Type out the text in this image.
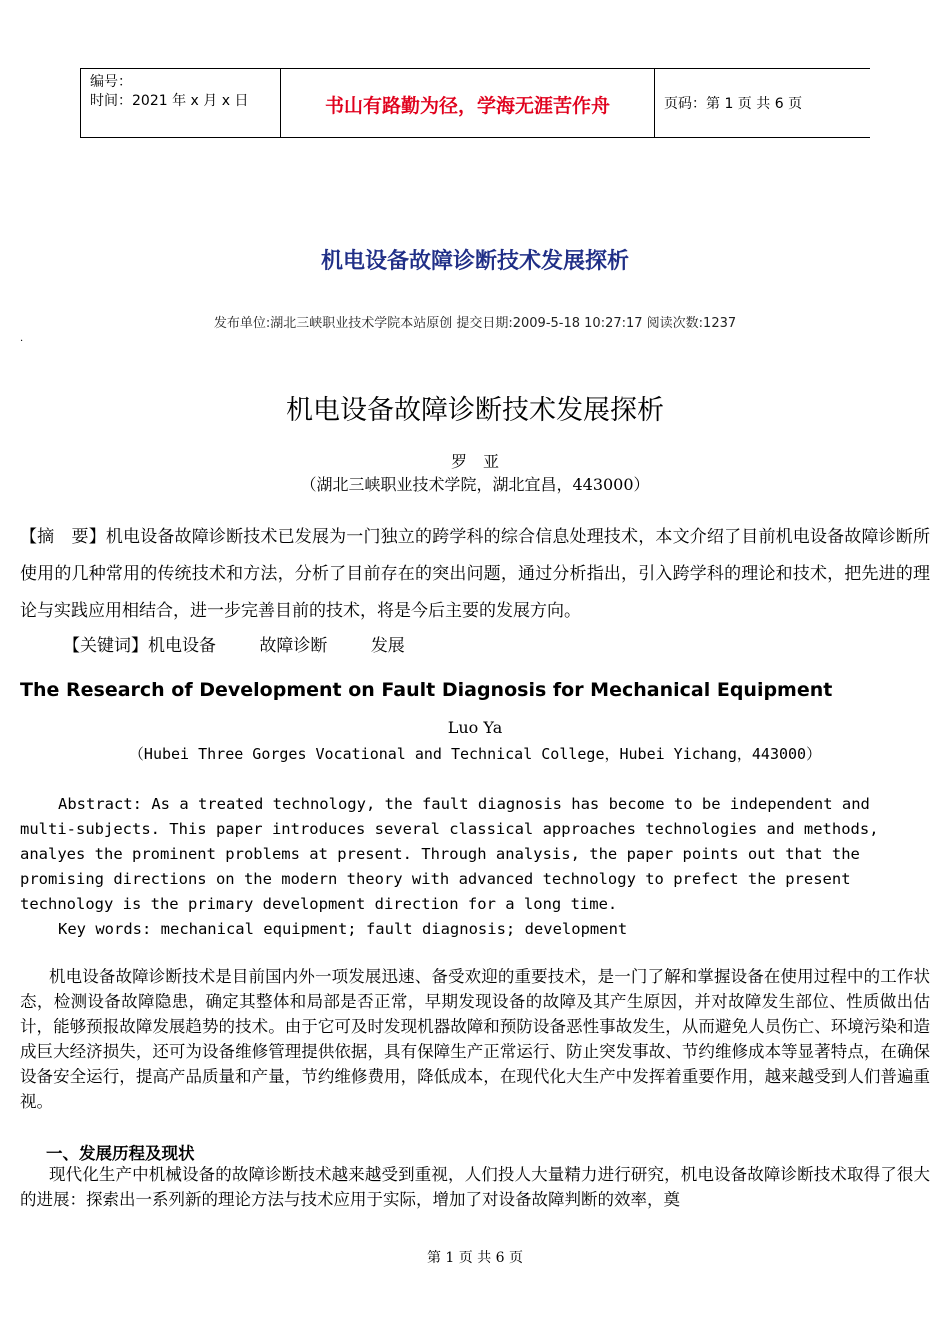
编号：
时间：2021 年 x 月 x 日	书山有路勤为径，学海无涯苦作舟	页码：第 1 页 共 6 页
机电设备故障诊断技术发展探析
发布单位:湖北三峡职业技术学院本站原创 提交日期:2009-5-18 10:27:17 阅读次数:1237
·
机电设备故障诊断技术发展探析
罗　亚
（湖北三峡职业技术学院，湖北宜昌，443000）
【摘　要】机电设备故障诊断技术已发展为一门独立的跨学科的综合信息处理技术，本文介绍了目前机电设备故障诊断所使用的几种常用的传统技术和方法，分析了目前存在的突出问题，通过分析指出，引入跨学科的理论和技术，把先进的理论与实践应用相结合，进一步完善目前的技术，将是今后主要的发展方向。
【关键词】机电设备	故障诊断	发展
The Research of Development on Fault Diagnosis for Mechanical Equipment
Luo Ya
（Hubei Three Gorges Vocational and Technical College，Hubei Yichang，443000）

Abstract: As a treated technology, the fault diagnosis has become to be independent and multi-subjects. This paper introduces several classical approaches technologies and methods, analyes the prominent problems at present. Through analysis, the paper points out that the promising directions on the modern theory with advanced technology to prefect the present technology is the primary development direction for a long time.

Key words: mechanical equipment; fault diagnosis; development

机电设备故障诊断技术是目前国内外一项发展迅速、备受欢迎的重要技术，是一门了解和掌握设备在使用过程中的工作状态，检测设备故障隐患，确定其整体和局部是否正常，早期发现设备的故障及其产生原因，并对故障发生部位、性质做出估计，能够预报故障发展趋势的技术。由于它可及时发现机器故障和预防设备恶性事故发生，从而避免人员伤亡、环境污染和造成巨大经济损失，还可为设备维修管理提供依据，具有保障生产正常运行、防止突发事故、节约维修成本等显著特点，在确保设备安全运行，提高产品质量和产量，节约维修费用，降低成本，在现代化大生产中发挥着重要作用，越来越受到人们普遍重视。

一、发展历程及现状

现代化生产中机械设备的故障诊断技术越来越受到重视，人们投人大量精力进行研究，机电设备故障诊断技术取得了很大的进展：探索出一系列新的理论方法与技术应用于实际，增加了对设备故障判断的效率，奠

第 1 页 共 6 页
